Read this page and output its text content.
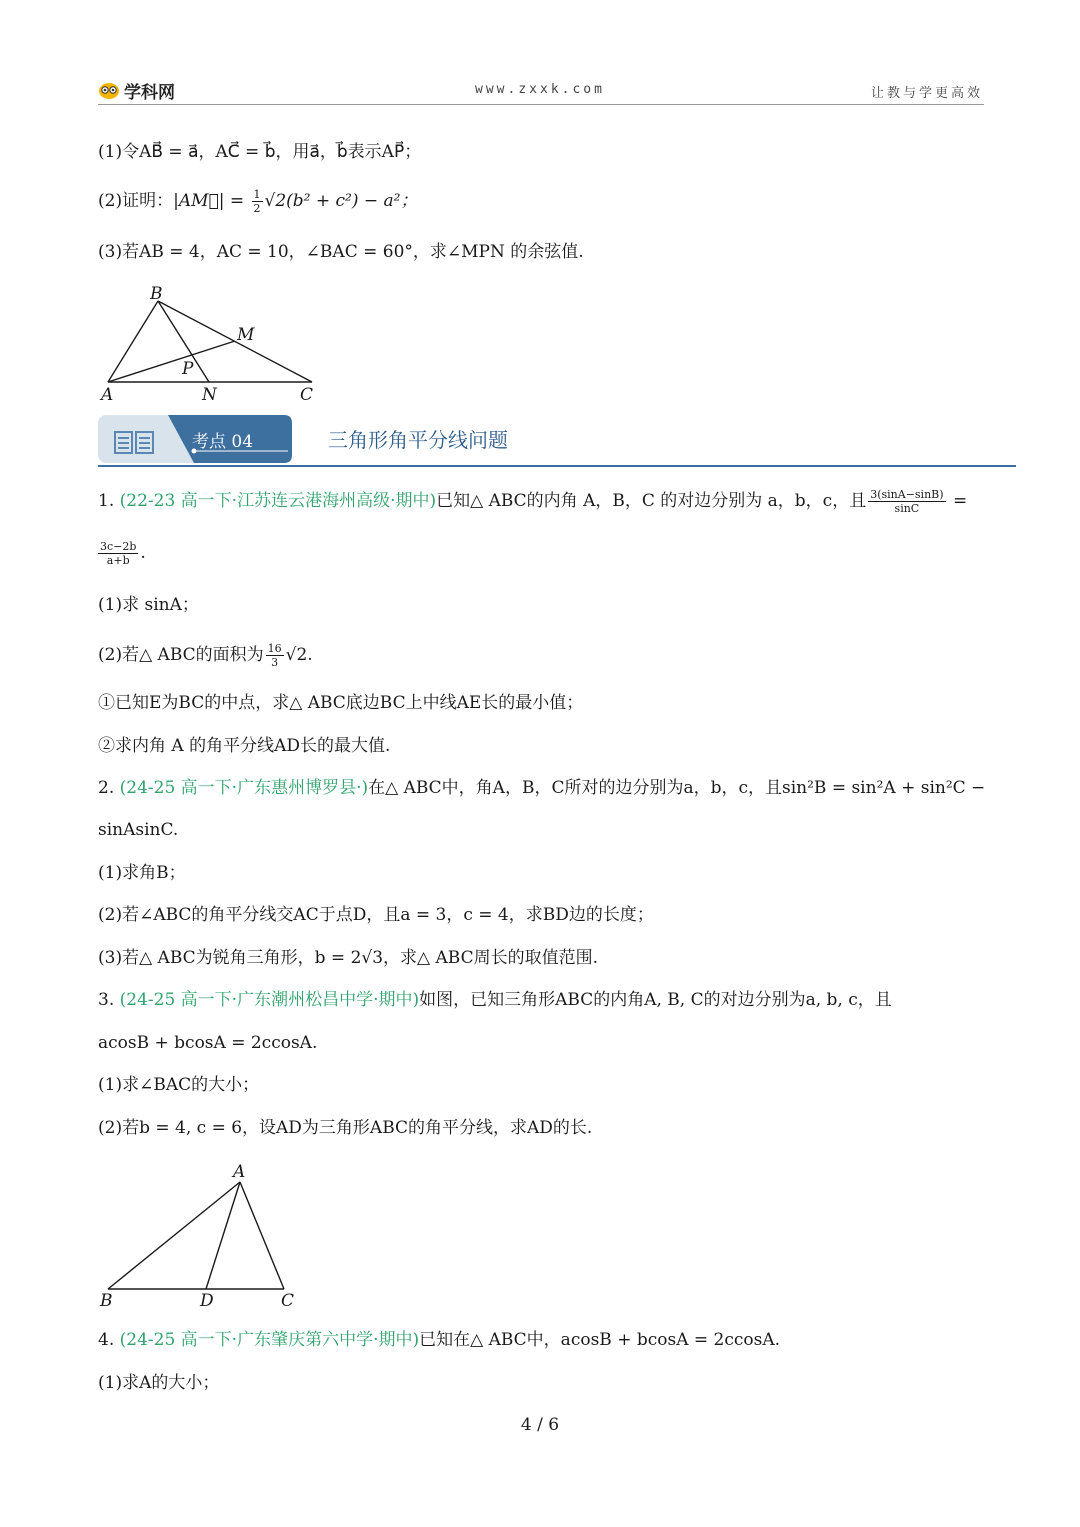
学科网	www.zxxk.com	让教与学更高效
(1)令AB⃗ = a⃗，AC⃗ = b⃗，用a⃗，b⃗表示AP⃗；
(2)证明：|AM⃗| = $\frac{1}{2} √2(b^2 + c^2) - a^2$；
(3)若AB = 4，AC = 10，∠BAC = 60°，求∠MPN 的余弦值.
B
M
P
A	N	C
考点 04	三角形角平分线问题
1. (22-23 高一下·江苏连云港海州高级·期中)已知△ ABC的内角 A，B，C 的对边分别为 a，b，c，且 $\frac{3(\sin A-\sin B)}{\sin C}$ =
$\frac{3c-2b}{a+b}$ .
(1)求 sinA；
(2)若△ ABC的面积为 $\frac{16}{3} √2$.
①已知E为BC的中点，求△ ABC底边BC上中线AE长的最小值；
②求内角 A 的角平分线AD长的最大值.
2. (24-25 高一下·广东惠州博罗县·)在△ ABC中，角A，B，C所对的边分别为a，b，c，且sin²B = sin²A + sin²C −
sinAsinC.
(1)求角B；
(2)若∠ABC的角平分线交AC于点D，且a = 3，c = 4，求BD边的长度；
(3)若△ ABC为锐角三角形，b = 2√3，求△ ABC周长的取值范围.
3. (24-25 高一下·广东潮州松昌中学·期中)如图，已知三角形ABC的内角A, B, C的对边分别为a, b, c，且
acosB + bcosA = 2ccosA.
(1)求∠BAC的大小；
(2)若b = 4, c = 6，设AD为三角形ABC的角平分线，求AD的长.
A
B	D	C
4. (24-25 高一下·广东肇庆第六中学·期中)已知在△ ABC中，acosB + bcosA = 2ccosA.
(1)求A的大小；
4 / 6
